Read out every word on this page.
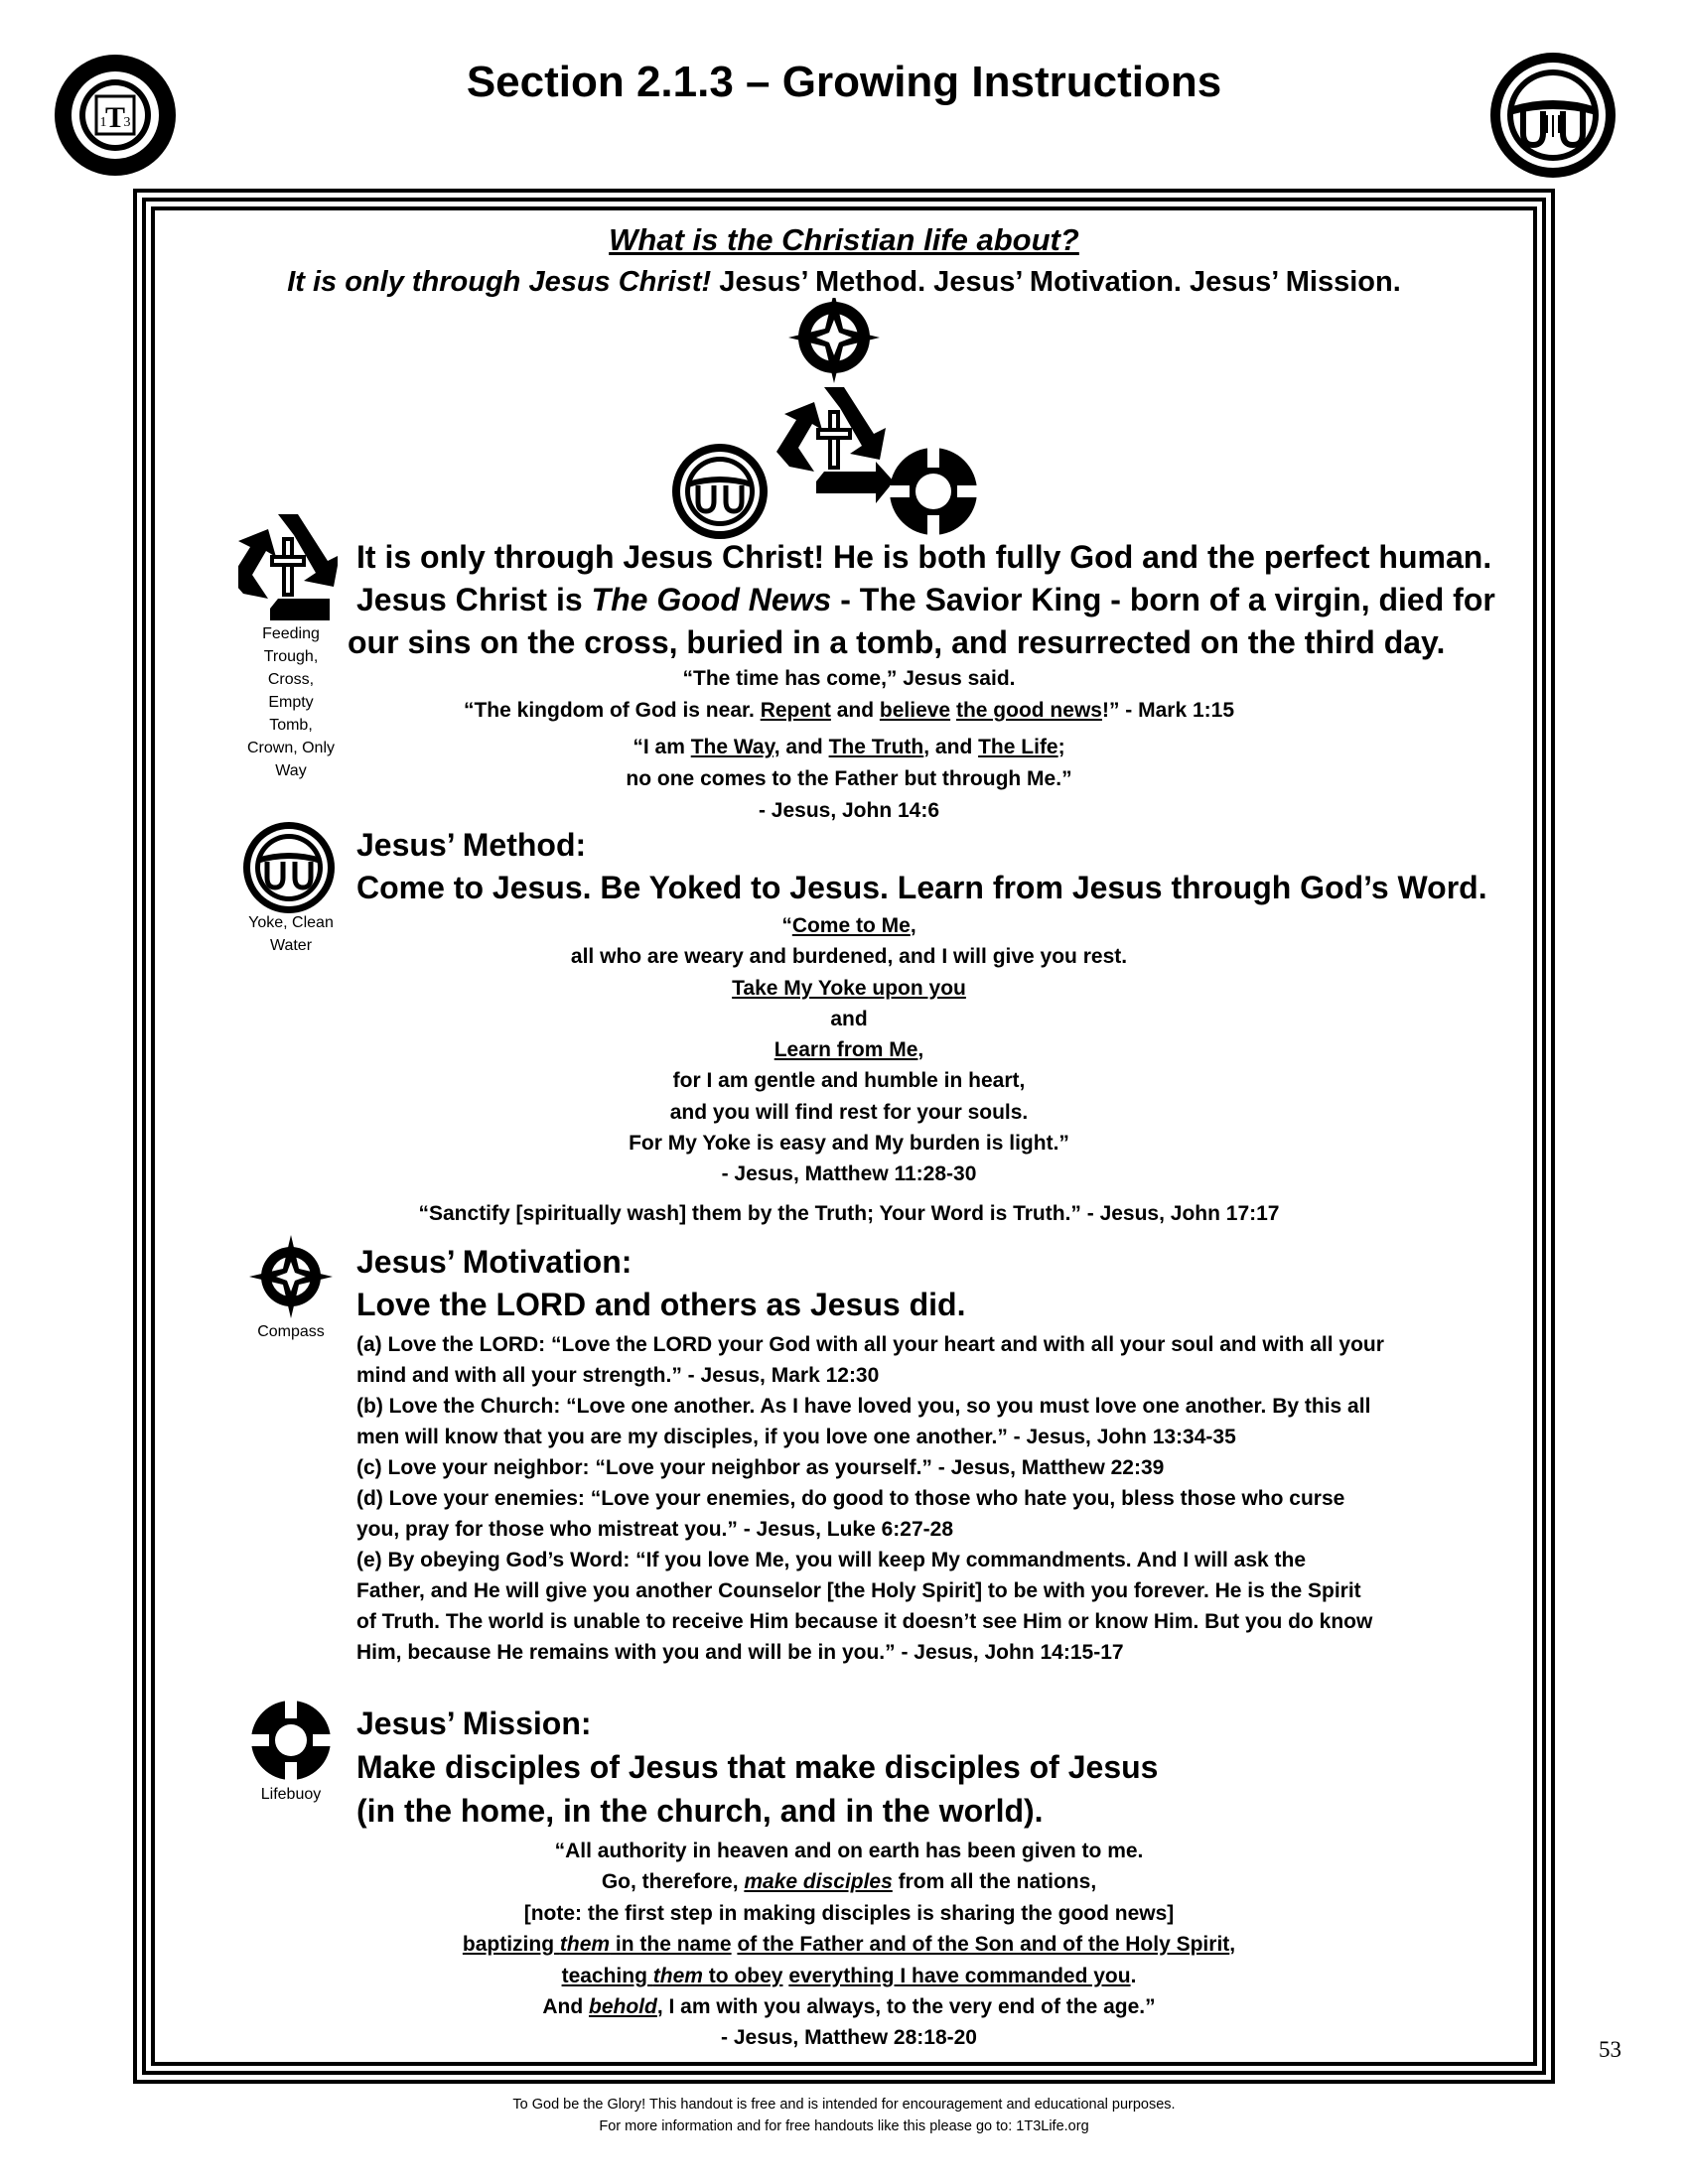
T
1 3
Section 2.1.3 – Growing Instructions
What is the Christian life about?
It is only through Jesus Christ! Jesus’ Method. Jesus’ Motivation. Jesus’ Mission.
Feeding Trough, Cross, Empty Tomb, Crown, Only Way
It is only through Jesus Christ! He is both fully God and the perfect human.
Jesus Christ is The Good News - The Savior King - born of a virgin, died for
our sins on the cross, buried in a tomb, and resurrected on the third day.
“The time has come,” Jesus said.
“The kingdom of God is near. Repent and believe the good news!” - Mark 1:15
“I am The Way, and The Truth, and The Life;
no one comes to the Father but through Me.”
- Jesus, John 14:6
Yoke, Clean Water
Jesus’ Method:
Come to Jesus. Be Yoked to Jesus. Learn from Jesus through God’s Word.
“Come to Me,
all who are weary and burdened, and I will give you rest.
Take My Yoke upon you
and
Learn from Me,
for I am gentle and humble in heart,
and you will find rest for your souls.
For My Yoke is easy and My burden is light.”
- Jesus, Matthew 11:28-30
“Sanctify [spiritually wash] them by the Truth; Your Word is Truth.” - Jesus, John 17:17
Compass
Jesus’ Motivation:
Love the LORD and others as Jesus did.
(a) Love the LORD: “Love the LORD your God with all your heart and with all your soul and with all your
mind and with all your strength.” - Jesus, Mark 12:30
(b) Love the Church: “Love one another. As I have loved you, so you must love one another. By this all
men will know that you are my disciples, if you love one another.” - Jesus, John 13:34-35
(c) Love your neighbor: “Love your neighbor as yourself.” - Jesus, Matthew 22:39
(d) Love your enemies: “Love your enemies, do good to those who hate you, bless those who curse
you, pray for those who mistreat you.” - Jesus, Luke 6:27-28
(e) By obeying God’s Word: “If you love Me, you will keep My commandments. And I will ask the
Father, and He will give you another Counselor [the Holy Spirit] to be with you forever. He is the Spirit
of Truth. The world is unable to receive Him because it doesn’t see Him or know Him. But you do know
Him, because He remains with you and will be in you.” - Jesus, John 14:15-17
Lifebuoy
Jesus’ Mission:
Make disciples of Jesus that make disciples of Jesus
(in the home, in the church, and in the world).
“All authority in heaven and on earth has been given to me.
Go, therefore, make disciples from all the nations,
[note: the first step in making disciples is sharing the good news]
baptizing them in the name of the Father and of the Son and of the Holy Spirit,
teaching them to obey everything I have commanded you.
And behold, I am with you always, to the very end of the age.”
- Jesus, Matthew 28:18-20	53
To God be the Glory! This handout is free and is intended for encouragement and educational purposes.
For more information and for free handouts like this please go to: 1T3Life.org
